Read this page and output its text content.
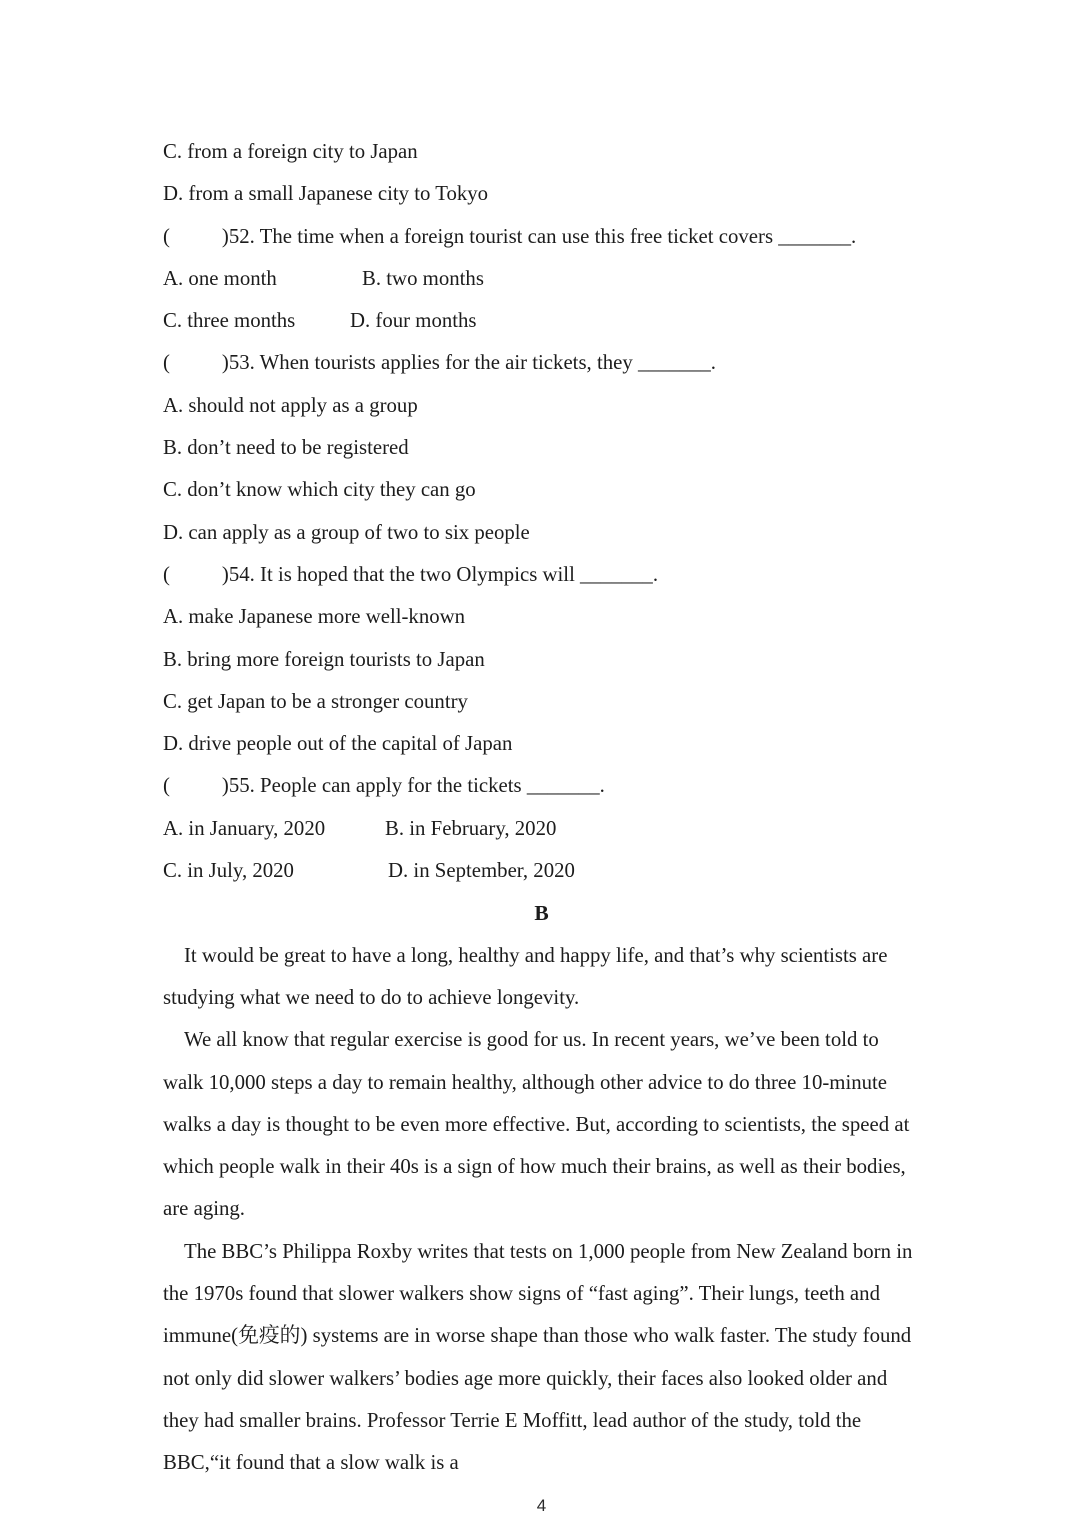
C. from a foreign city to Japan
D. from a small Japanese city to Tokyo
(          )52. The time when a foreign tourist can use this free ticket covers _______.
A. one month	B. two months
C. three months	D. four months
(          )53. When tourists applies for the air tickets, they _______.
A. should not apply as a group
B. don’t need to be registered
C. don’t know which city they can go
D. can apply as a group of two to six people
(          )54. It is hoped that the two Olympics will _______.
A. make Japanese more well-known
B. bring more foreign tourists to Japan
C. get Japan to be a stronger country
D. drive people out of the capital of Japan
(          )55. People can apply for the tickets _______.
A. in January, 2020	B. in February, 2020
C. in July, 2020	D. in September, 2020
B

It would be great to have a long, healthy and happy life, and that’s why scientists are studying what we need to do to achieve longevity.

We all know that regular exercise is good for us. In recent years, we’ve been told to walk 10,000 steps a day to remain healthy, although other advice to do three 10-minute walks a day is thought to be even more effective. But, according to scientists, the speed at which people walk in their 40s is a sign of how much their brains, as well as their bodies, are aging.

The BBC’s Philippa Roxby writes that tests on 1,000 people from New Zealand born in the 1970s found that slower walkers show signs of “fast aging”. Their lungs, teeth and immune(免疫的) systems are in worse shape than those who walk faster. The study found not only did slower walkers’ bodies age more quickly, their faces also looked older and they had smaller brains. Professor Terrie E Moffitt, lead author of the study, told the BBC,“it found that a slow walk is a

4
